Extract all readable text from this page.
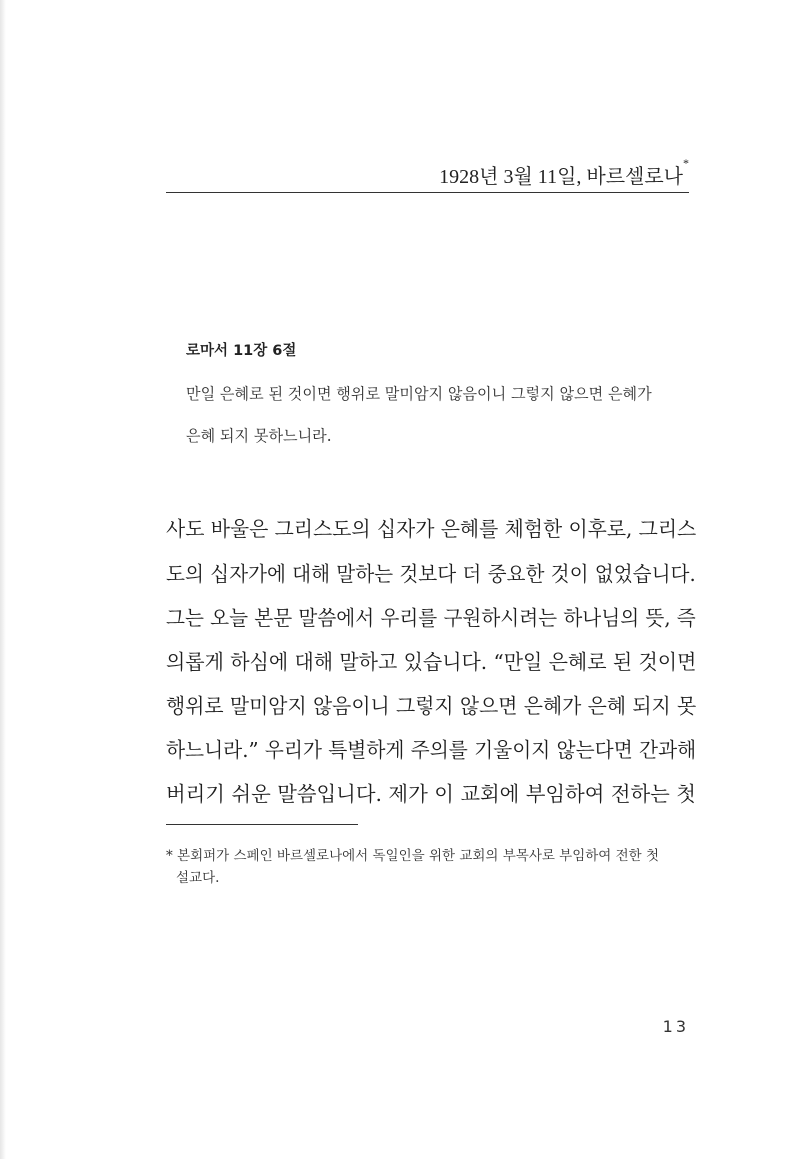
1928년 3월 11일, 바르셀로나*
로마서 11장 6절
만일 은혜로 된 것이면 행위로 말미암지 않음이니 그렇지 않으면 은혜가
은혜 되지 못하느니라.
사도 바울은 그리스도의 십자가 은혜를 체험한 이후로, 그리스
도의 십자가에 대해 말하는 것보다 더 중요한 것이 없었습니다.
그는 오늘 본문 말씀에서 우리를 구원하시려는 하나님의 뜻, 즉
의롭게 하심에 대해 말하고 있습니다. “만일 은혜로 된 것이면
행위로 말미암지 않음이니 그렇지 않으면 은혜가 은혜 되지 못
하느니라.” 우리가 특별하게 주의를 기울이지 않는다면 간과해
버리기 쉬운 말씀입니다. 제가 이 교회에 부임하여 전하는 첫
* 본회퍼가 스페인 바르셀로나에서 독일인을 위한 교회의 부목사로 부임하여 전한 첫
설교다.
13
